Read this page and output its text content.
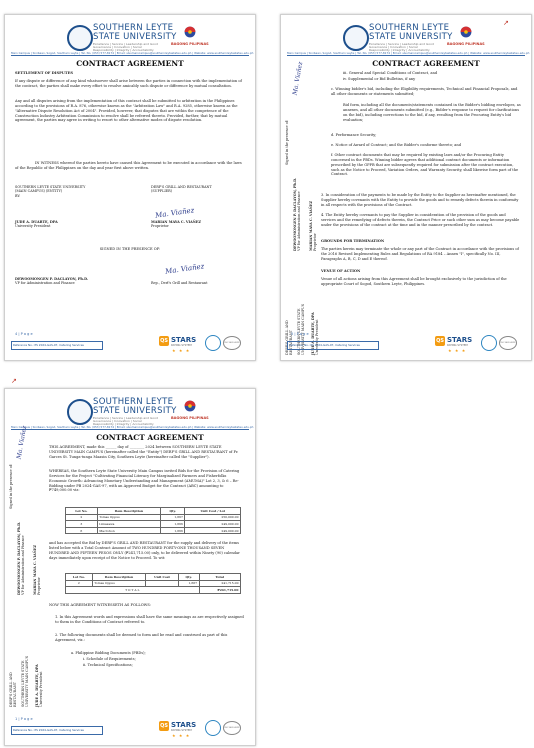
SOUTHERN LEYTE
STATE UNIVERSITY
Excellence | Service | Leadership and Good Governance | Innovation | Social Responsibility | Integrity | Accountability
BAGONG PILIPINAS
Main Campus | Sinibaan, Sogod, Southern Leyte | Tel. No. (053) 577-8174 | Email: slsumaincampus@southernleytestateu.edu.ph | Website: www.southernleytestateu.edu.ph
CONTRACT AGREEMENT
SETTLEMENT OF DISPUTES
If any dispute or difference of any kind whatsoever shall arise between the parties in connection with the implementation of the contract, the parties shall make every effort to resolve amicably such dispute or difference by mutual consultation.
Any and all disputes arising from the implementation of this contract shall be submitted to arbitration in the Philippines according to the provisions of R.A. 876, otherwise known as the "Arbitration Law" and R.A. 9285, otherwise known as the "Alternative Dispute Resolution Act of 2004". Provided, however, that disputes that are within the competence of the Construction Industry Arbitration Commission to resolve shall be referred thereto. Provided, further, that by mutual agreement, the parties may agree in writing to resort to other alternative modes of dispute resolution.
IN WITNESS whereof the parties hereto have caused this Agreement to be executed in accordance with the laws of the Republic of the Philippines on the day and year first above written.
SOUTHERN LEYTE STATE UNIVERSITY
(MAIN CAMPUS) (ENTITY)
BY:
DERF'S GRILL AND RESTAURANT
(SUPPLIER)
Ma. Viañez
JUDE A. DUARTE, DPA
University President
MARIAN MAYA C. VIAÑEZ
Proprietor
SIGNED IN THE PRESENCE OF:
Ma. Viañez
DEWOOMONGEN P. DACLAYON, Ph.D.
VP for Administration and Finance	Rep., Derf's Grill and Restaurant
4 | P a g e
Reference No.: PS 2024-GAS-97, Catering Services
QS STARS
RATING SYSTEM
★ ★ ★
ISO 9001:2015
↗
SOUTHERN LEYTE
STATE UNIVERSITY
Excellence | Service | Leadership and Good Governance | Innovation | Social Responsibility | Integrity | Accountability
BAGONG PILIPINAS
Main Campus | Sinibaan, Sogod, Southern Leyte | Tel. No. (053) 577-8174 | Email: slsumaincampus@southernleytestateu.edu.ph | Website: www.southernleytestateu.edu.ph
Signed in the presence of:
Ma. Viañez
DEWOOMONGEN P. DACLAYON, Ph.D. VP for Administration and Finance MARIAN MAYA C. VIAÑEZ Proprietor
DERF'S GRILL AND RESTAURANT SOUTHERN LEYTE STATE UNIVERSITY MAIN CAMPUS JUDE A. DUARTE, DPA University President
CONTRACT AGREEMENT
iii. General and Special Conditions of Contract, and
iv. Supplemental or Bid Bulletins, if any
c. Winning bidder's bid, including the Eligibility requirements, Technical and Financial Proposals, and all other documents or statements submitted;
Bid form, including all the documents/statements contained in the Bidder's bidding envelopes, as annexes, and all other documents submitted (e.g., Bidder's response to request for clarifications on the bid), including corrections to the bid, if any, resulting from the Procuring Entity's bid evaluation;
d. Performance Security;
e. Notice of Award of Contract; and the Bidder's conforme thereto; and
f. Other contract documents that may be required by existing laws and/or the Procuring Entity concerned in the PBDs. Winning bidder agrees that additional contract documents or information prescribed by the GPPB that are subsequently required for submission after the contract execution, such as the Notice to Proceed, Variation Orders, and Warranty Security, shall likewise form part of the Contract.
3. In consideration of the payments to be made by the Entity to the Supplier as hereinafter mentioned, the Supplier hereby covenants with the Entity to provide the goods and to remedy defects therein in conformity in all respects with the provisions of the Contract.
4. The Entity hereby covenants to pay the Supplier in consideration of the provision of the goods and services and the remedying of defects therein, the Contract Price or such other sum as may become payable under the provisions of the contract at the time and in the manner prescribed by the contract.
GROUNDS FOR TERMINATION
The parties herein may terminate the whole or any part of the Contract in accordance with the provisions of the 2016 Revised Implementing Rules and Regulations of RA 9184 – Annex "I", specifically No. III, Paragraphs A, B, C, D and E thereof.
VENUE OF ACTION
Venue of all actions arising from this Agreement shall be brought exclusively to the jurisdiction of the appropriate Court of Sogod, Southern Leyte, Philippines.
5 | P a g e
Reference No.: PS 2024-GAS-97, Catering Services
QS STARS
RATING SYSTEM
★ ★ ★
ISO 9001:2015
↗
SOUTHERN LEYTE
STATE UNIVERSITY
Excellence | Service | Leadership and Good Governance | Innovation | Social Responsibility | Integrity | Accountability
BAGONG PILIPINAS
Main Campus | Sinibaan, Sogod, Southern Leyte | Tel. No. (053) 577-8174 | Email: slsumaincampus@southernleytestateu.edu.ph | Website: www.southernleytestateu.edu.ph
Signed in the presence of:
Ma. Viañez
DEWOOMONGEN P. DACLAYON, Ph.D. VP for Administration and Finance MARIAN MAYA C. VIAÑEZ Proprietor
DERF'S GRILL AND RESTAURANT SOUTHERN LEYTE STATE UNIVERSITY MAIN CAMPUS JUDE A. DUARTE, DPA University President
CONTRACT AGREEMENT
THIS AGREEMENT, made this ______ day of ________ 2024 between SOUTHERN LEYTE STATE UNIVERSITY MAIN CAMPUS (hereinafter called the "Entity") DERF'S GRILL AND RESTAURANT of Fr. Garces St. Tunga-tunga Maasin City, Southern Leyte (hereinafter called the "Supplier").
WHEREAS, the Southern Leyte State University Main Campus invited Bids for the Provision of Catering Services for the Project "Cultivating Financial Literacy for Marginalized Farmers and Fisherfolks Economic Growth: Advancing Monetary Understanding and Management (AMUMA)" Lot 2, 3, & 6 – Re-Bidding under PB 2024-GAS-97, with an Approved Budget for the Contract (ABC) amounting to ₱749,000.00 viz:
Lot No.	Item Description	Qty.	Unit Cost / Lot
2	Tomas Oppus	1,667	250,000.00
3	Limasawa	1,666	249,000.00
6	Macrohon	1,666	249,000.00
and has accepted the Bid by DERF'S GRILL AND RESTAURANT for the supply and delivery of the items listed below with a Total Contract Amount of TWO HUNDRED FORTY-ONE THOUSAND SEVEN HUNDRED AND FIFTEEN PESOS ONLY (₱241,715.00) only, to be delivered within Ninety (90) calendar days immediately upon receipt of the Notice to Proceed. To wit:
Lot No.	Item Description	Unit Cost	Qty.	Total
2	Tomas Oppus		1,667	241,715.00
T O T A L				₱241,715.00
NOW THIS AGREEMENT WITNESSETH AS FOLLOWS:
1. In this Agreement words and expressions shall have the same meanings as are respectively assigned to them in the Conditions of Contract referred to.
2. The following documents shall be deemed to form and be read and construed as part of this Agreement, viz.:
a. Philippine Bidding Documents (PBDs);
i. Schedule of Requirements;
ii. Technical Specifications;
1 | P a g e
Reference No.: PS 2024-GAS-97, Catering Services
QS STARS
RATING SYSTEM
★ ★ ★
ISO 9001:2015
